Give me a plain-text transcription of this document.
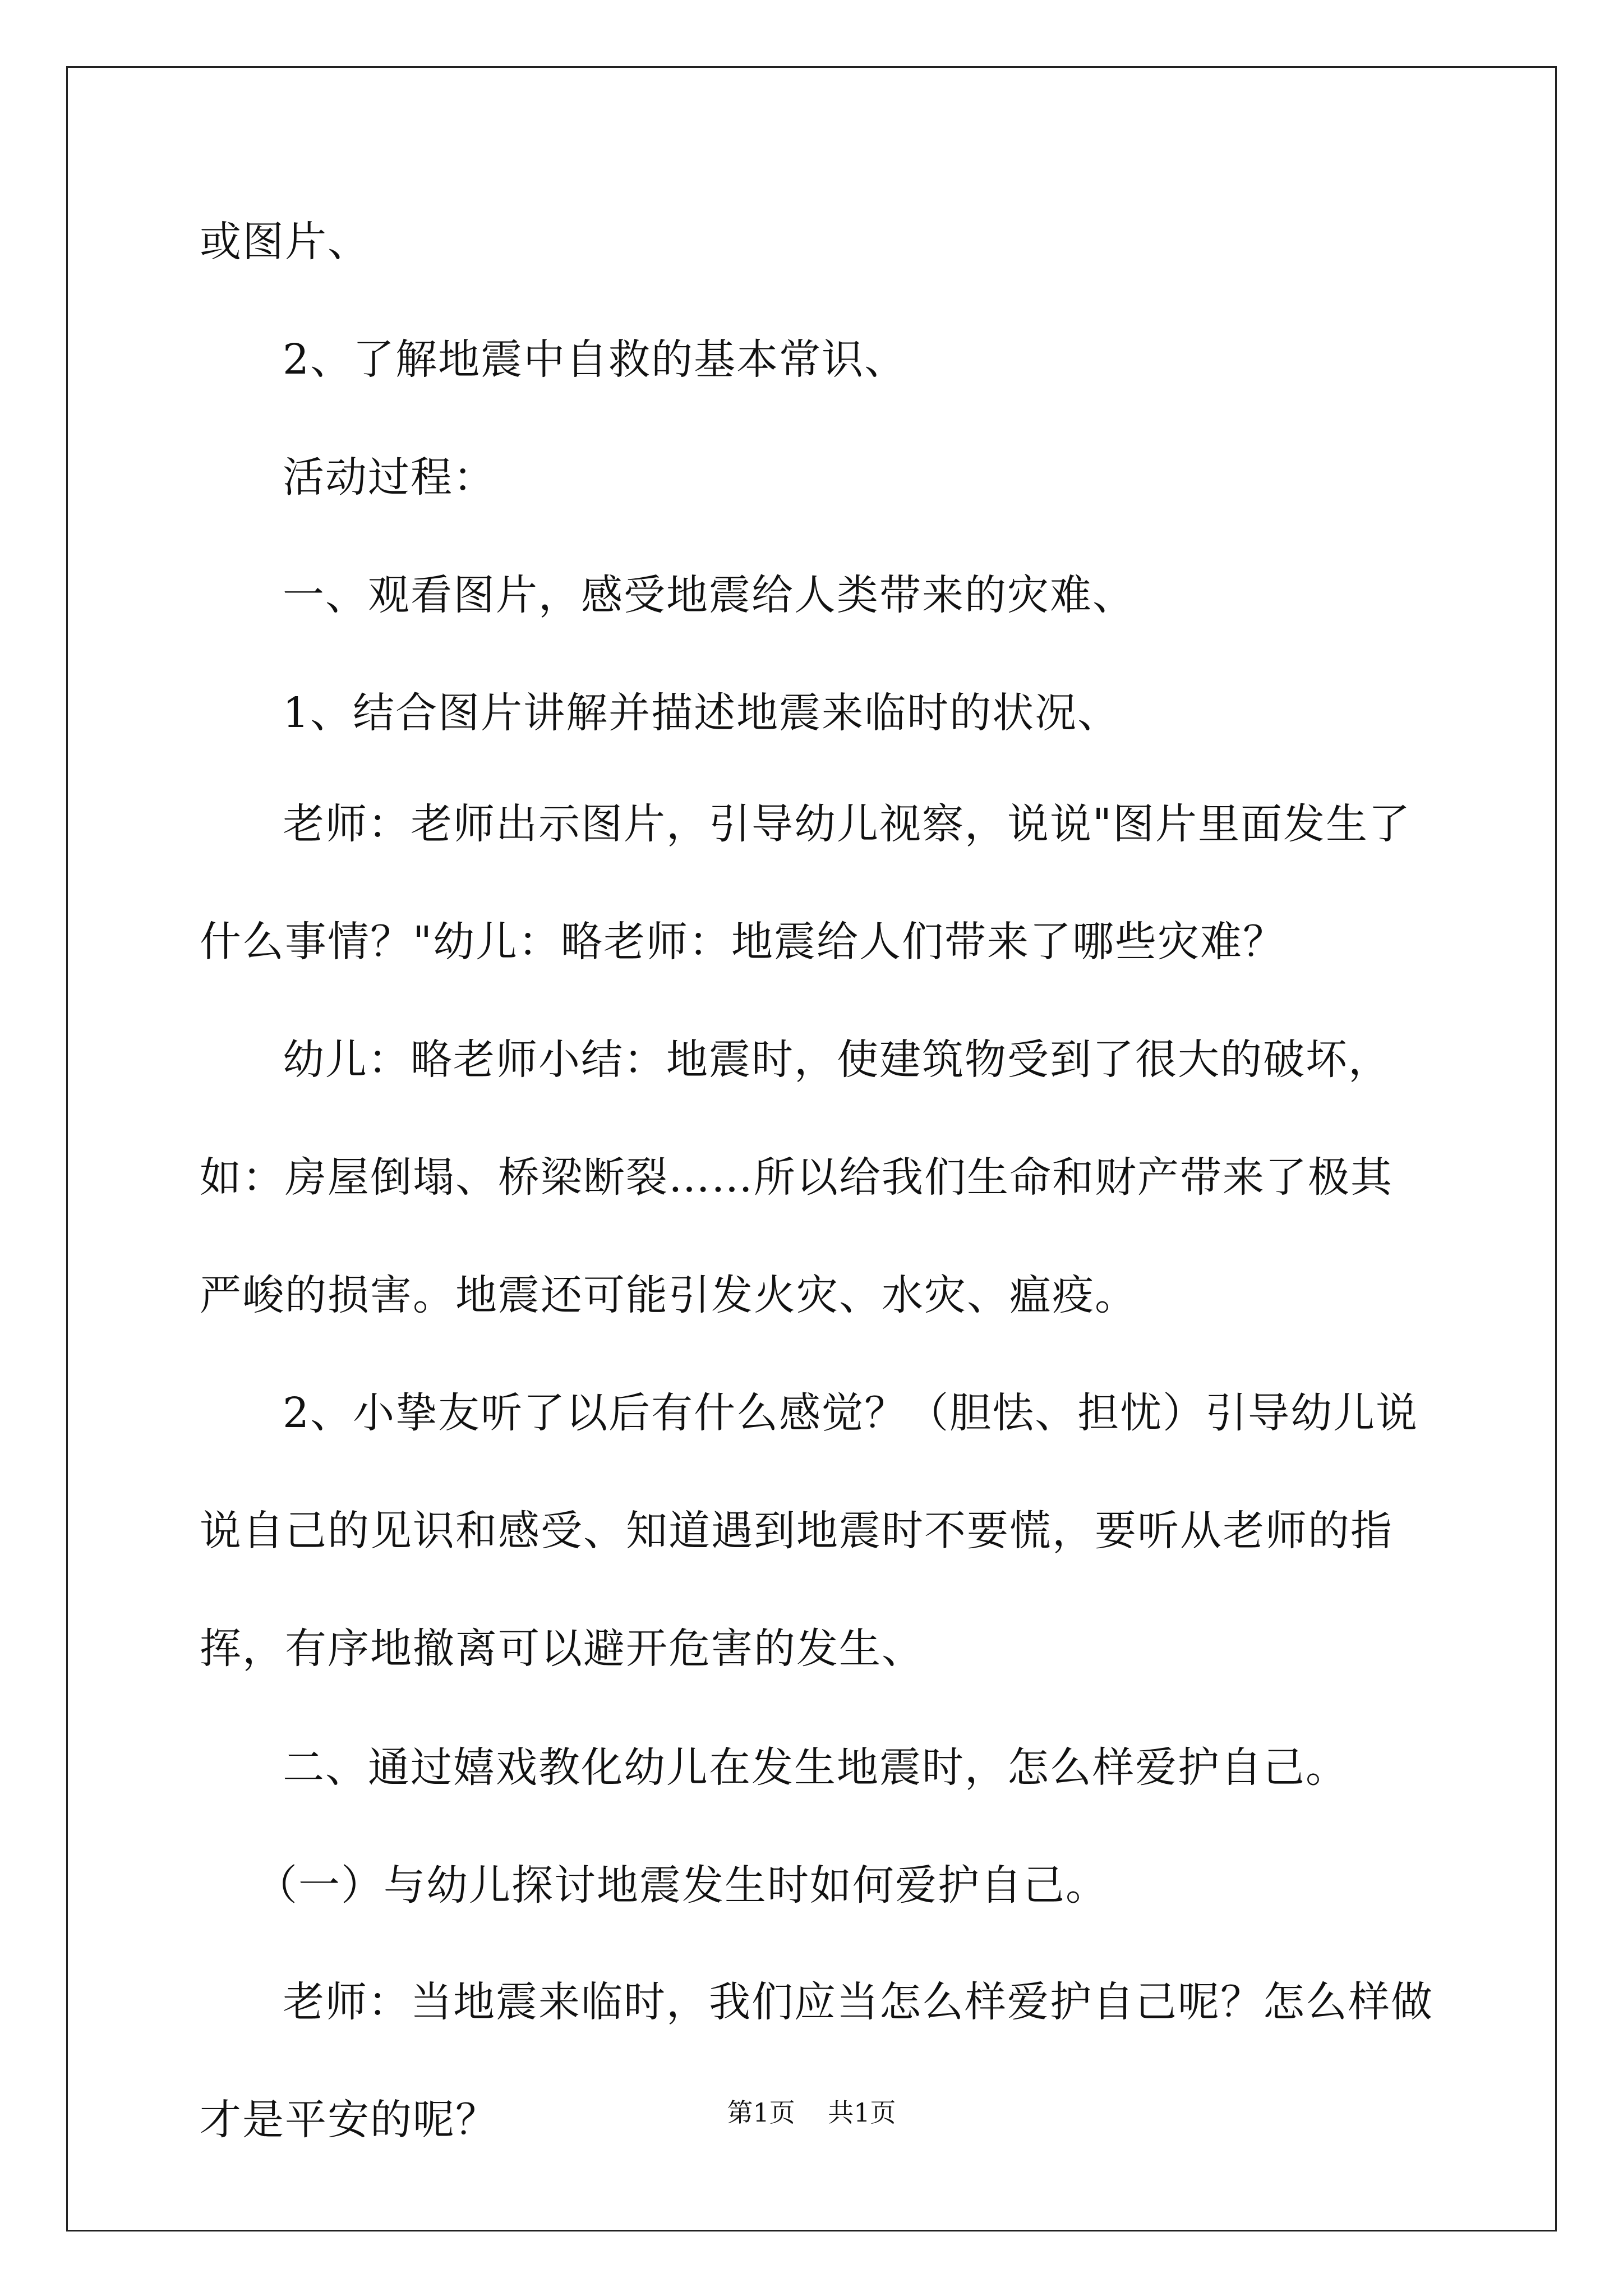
或图片、

2、了解地震中自救的基本常识、

活动过程：

一、观看图片，感受地震给人类带来的灾难、

1、结合图片讲解并描述地震来临时的状况、

老师：老师出示图片，引导幼儿视察，说说"图片里面发生了什么事情？"幼儿：略老师：地震给人们带来了哪些灾难？

幼儿：略老师小结：地震时，使建筑物受到了很大的破坏，如：房屋倒塌、桥梁断裂……所以给我们生命和财产带来了极其严峻的损害。地震还可能引发火灾、水灾、瘟疫。

2、小挚友听了以后有什么感觉？（胆怯、担忧）引导幼儿说说自己的见识和感受、知道遇到地震时不要慌，要听从老师的指挥，有序地撤离可以避开危害的发生、

二、通过嬉戏教化幼儿在发生地震时，怎么样爱护自己。

（一）与幼儿探讨地震发生时如何爱护自己。

老师：当地震来临时，我们应当怎么样爱护自己呢？怎么样做才是平安的呢？	第1页    共1页
